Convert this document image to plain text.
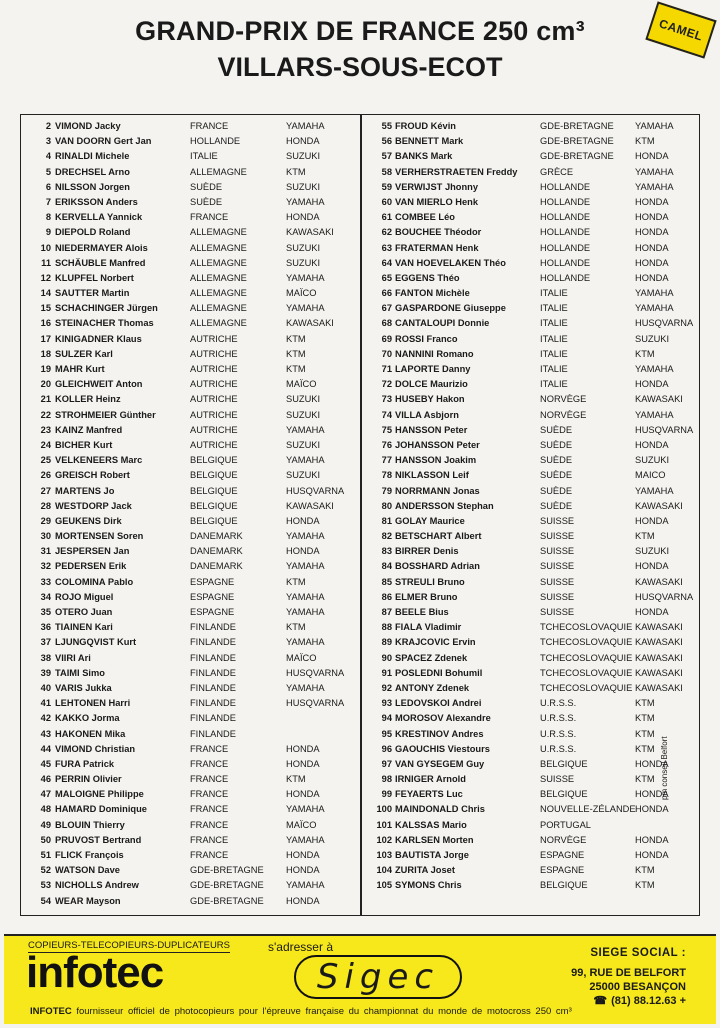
GRAND-PRIX DE FRANCE 250 cm³
VILLARS-SOUS-ECOT
CAMEL
2 VIMOND Jacky	FRANCE	YAMAHA
3 VAN DOORN Gert Jan	HOLLANDE	HONDA
4 RINALDI Michele	ITALIE	SUZUKI
5 DRECHSEL Arno	ALLEMAGNE	KTM
6 NILSSON Jorgen	SUÈDE	SUZUKI
7 ERIKSSON Anders	SUÈDE	YAMAHA
8 KERVELLA Yannick	FRANCE	HONDA
9 DIEPOLD Roland	ALLEMAGNE	KAWASAKI
10 NIEDERMAYER Alois	ALLEMAGNE	SUZUKI
11 SCHÄUBLE Manfred	ALLEMAGNE	SUZUKI
12 KLUPFEL Norbert	ALLEMAGNE	YAMAHA
14 SAUTTER Martin	ALLEMAGNE	MAÏCO
15 SCHACHINGER Jürgen	ALLEMAGNE	YAMAHA
16 STEINACHER Thomas	ALLEMAGNE	KAWASAKI
17 KINIGADNER Klaus	AUTRICHE	KTM
18 SULZER Karl	AUTRICHE	KTM
19 MAHR Kurt	AUTRICHE	KTM
20 GLEICHWEIT Anton	AUTRICHE	MAÏCO
21 KOLLER Heinz	AUTRICHE	SUZUKI
22 STROHMEIER Günther	AUTRICHE	SUZUKI
23 KAINZ Manfred	AUTRICHE	YAMAHA
24 BICHER Kurt	AUTRICHE	SUZUKI
25 VELKENEERS Marc	BELGIQUE	YAMAHA
26 GREISCH Robert	BELGIQUE	SUZUKI
27 MARTENS Jo	BELGIQUE	HUSQVARNA
28 WESTDORP Jack	BELGIQUE	KAWASAKI
29 GEUKENS Dirk	BELGIQUE	HONDA
30 MORTENSEN Soren	DANEMARK	YAMAHA
31 JESPERSEN Jan	DANEMARK	HONDA
32 PEDERSEN Erik	DANEMARK	YAMAHA
33 COLOMINA Pablo	ESPAGNE	KTM
34 ROJO Miguel	ESPAGNE	YAMAHA
35 OTERO Juan	ESPAGNE	YAMAHA
36 TIAINEN Kari	FINLANDE	KTM
37 LJUNGQVIST Kurt	FINLANDE	YAMAHA
38 VIIRI Ari	FINLANDE	MAÏCO
39 TAIMI Simo	FINLANDE	HUSQVARNA
40 VARIS Jukka	FINLANDE	YAMAHA
41 LEHTONEN Harri	FINLANDE	HUSQVARNA
42 KAKKO Jorma	FINLANDE
43 HAKONEN Mika	FINLANDE
44 VIMOND Christian	FRANCE	HONDA
45 FURA Patrick	FRANCE	HONDA
46 PERRIN Olivier	FRANCE	KTM
47 MALOIGNE Philippe	FRANCE	HONDA
48 HAMARD Dominique	FRANCE	YAMAHA
49 BLOUIN Thierry	FRANCE	MAÏCO
50 PRUVOST Bertrand	FRANCE	YAMAHA
51 FLICK François	FRANCE	HONDA
52 WATSON Dave	GDE-BRETAGNE HONDA
53 NICHOLLS Andrew	GDE-BRETAGNE YAMAHA
54 WEAR Mayson	GDE-BRETAGNE HONDA
55 FROUD Kévin	GDE-BRETAGNE YAMAHA
56 BENNETT Mark	GDE-BRETAGNE KTM
57 BANKS Mark	GDE-BRETAGNE HONDA
58 VERHERSTRAETEN Freddy GRÈCE	YAMAHA
59 VERWIJST Jhonny	HOLLANDE	YAMAHA
60 VAN MIERLO Henk	HOLLANDE	HONDA
61 COMBEE Léo	HOLLANDE	HONDA
62 BOUCHEE Théodor	HOLLANDE	HONDA
63 FRATERMAN Henk	HOLLANDE	HONDA
64 VAN HOEVELAKEN Théo	HOLLANDE	HONDA
65 EGGENS Théo	HOLLANDE	HONDA
66 FANTON Michèle	ITALIE	YAMAHA
67 GASPARDONE Giuseppe	ITALIE	YAMAHA
68 CANTALOUPI Donnie	ITALIE	HUSQVARNA
69 ROSSI Franco	ITALIE	SUZUKI
70 NANNINI Romano	ITALIE	KTM
71 LAPORTE Danny	ITALIE	YAMAHA
72 DOLCE Maurizio	ITALIE	HONDA
73 HUSEBY Hakon	NORVÈGE	KAWASAKI
74 VILLA Asbjorn	NORVÈGE	YAMAHA
75 HANSSON Peter	SUÈDE	HUSQVARNA
76 JOHANSSON Peter	SUÈDE	HONDA
77 HANSSON Joakim	SUÈDE	SUZUKI
78 NIKLASSON Leif	SUÈDE	MAICO
79 NORRMANN Jonas	SUÈDE	YAMAHA
80 ANDERSSON Stephan	SUÈDE	KAWASAKI
81 GOLAY Maurice	SUISSE	HONDA
82 BETSCHART Albert	SUISSE	KTM
83 BIRRER Denis	SUISSE	SUZUKI
84 BOSSHARD Adrian	SUISSE	HONDA
85 STREULI Bruno	SUISSE	KAWASAKI
86 ELMER Bruno	SUISSE	HUSQVARNA
87 BEELE Bius	SUISSE	HONDA
88 FIALA Vladimir	TCHECOSLOVAQUIE KAWASAKI
89 KRAJCOVIC Ervin	TCHECOSLOVAQUIE KAWASAKI
90 SPACEZ Zdenek	TCHECOSLOVAQUIE KAWASAKI
91 POSLEDNI Bohumil	TCHECOSLOVAQUIE KAWASAKI
92 ANTONY Zdenek	TCHECOSLOVAQUIE KAWASAKI
93 LEDOVSKOI Andrei	U.R.S.S.	KTM
94 MOROSOV Alexandre	U.R.S.S.	KTM
95 KRESTINOV Andres	U.R.S.S.	KTM
96 GAOUCHIS Viestours	U.R.S.S.	KTM
97 VAN GYSEGEM Guy	BELGIQUE	HONDA
98 IRNIGER Arnold	SUISSE	KTM
99 FEYAERTS Luc	BELGIQUE	HONDA
100 MAINDONALD Chris	NOUVELLE-ZÉLANDE HONDA
101 KALSSAS Mario	PORTUGAL
102 KARLSEN Morten	NORVÈGE	HONDA
103 BAUTISTA Jorge	ESPAGNE	HONDA
104 ZURITA Joset	ESPAGNE	KTM
105 SYMONS Chris	BELGIQUE	KTM
pm conseil Belfort
COPIEURS-TELECOPIEURS-DUPLICATEURS
infotec
s'adresser à
Sigec
SIEGE SOCIAL :
99, RUE DE BELFORT
25000 BESANÇON
☎ (81) 88.12.63 +
INFOTEC fournisseur officiel de photocopieurs pour l'épreuve française du championnat du monde de motocross 250 cm³
